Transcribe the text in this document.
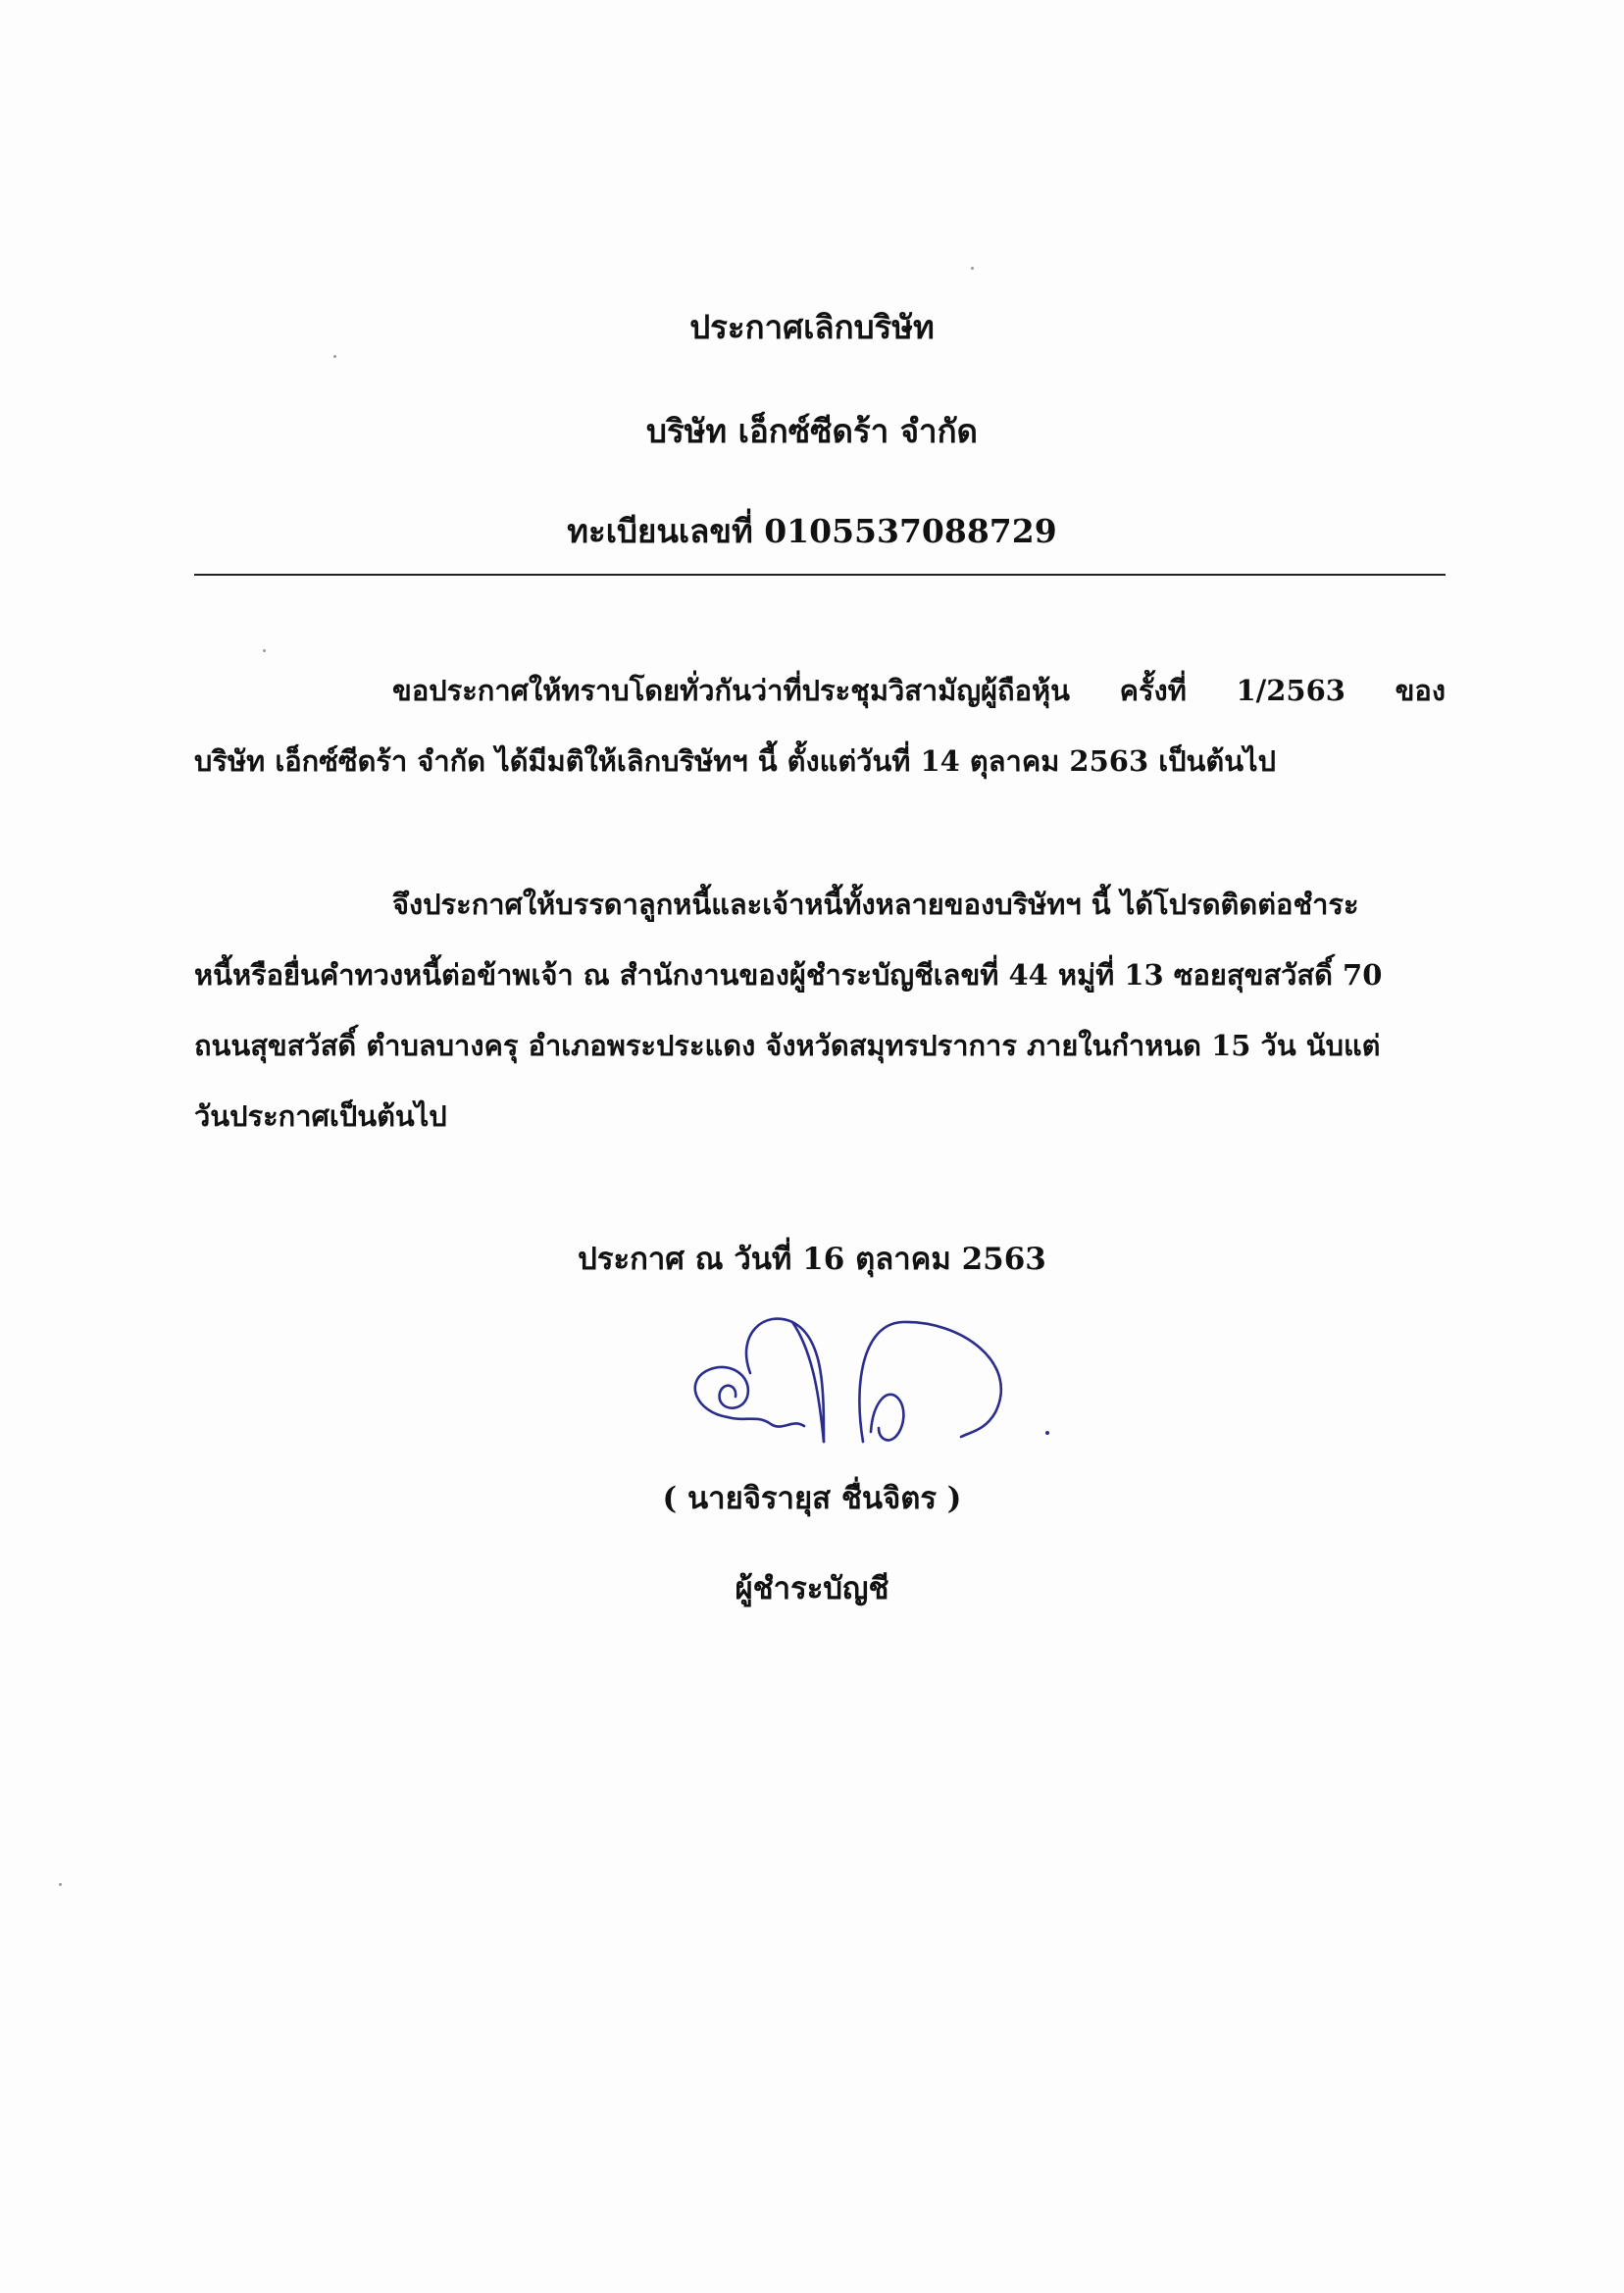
ประกาศเลิกบริษัท
บริษัท เอ็กซ์ซีดร้า จำกัด
ทะเบียนเลขที่ 0105537088729
ขอประกาศให้ทราบโดยทั่วกันว่าที่ประชุมวิสามัญผู้ถือหุ้น ครั้งที่ 1/2563 ของ
บริษัท เอ็กซ์ซีดร้า จำกัด ได้มีมติให้เลิกบริษัทฯ นี้ ตั้งแต่วันที่ 14 ตุลาคม 2563 เป็นต้นไป
จึงประกาศให้บรรดาลูกหนี้และเจ้าหนี้ทั้งหลายของบริษัทฯ นี้ ได้โปรดติดต่อชำระ
หนี้หรือยื่นคำทวงหนี้ต่อข้าพเจ้า ณ สำนักงานของผู้ชำระบัญชีเลขที่ 44 หมู่ที่ 13 ซอยสุขสวัสดิ์ 70
ถนนสุขสวัสดิ์ ตำบลบางครุ อำเภอพระประแดง จังหวัดสมุทรปราการ ภายในกำหนด 15 วัน นับแต่
วันประกาศเป็นต้นไป
ประกาศ ณ วันที่ 16 ตุลาคม 2563
( นายจิรายุส ชื่นจิตร )
ผู้ชำระบัญชี
